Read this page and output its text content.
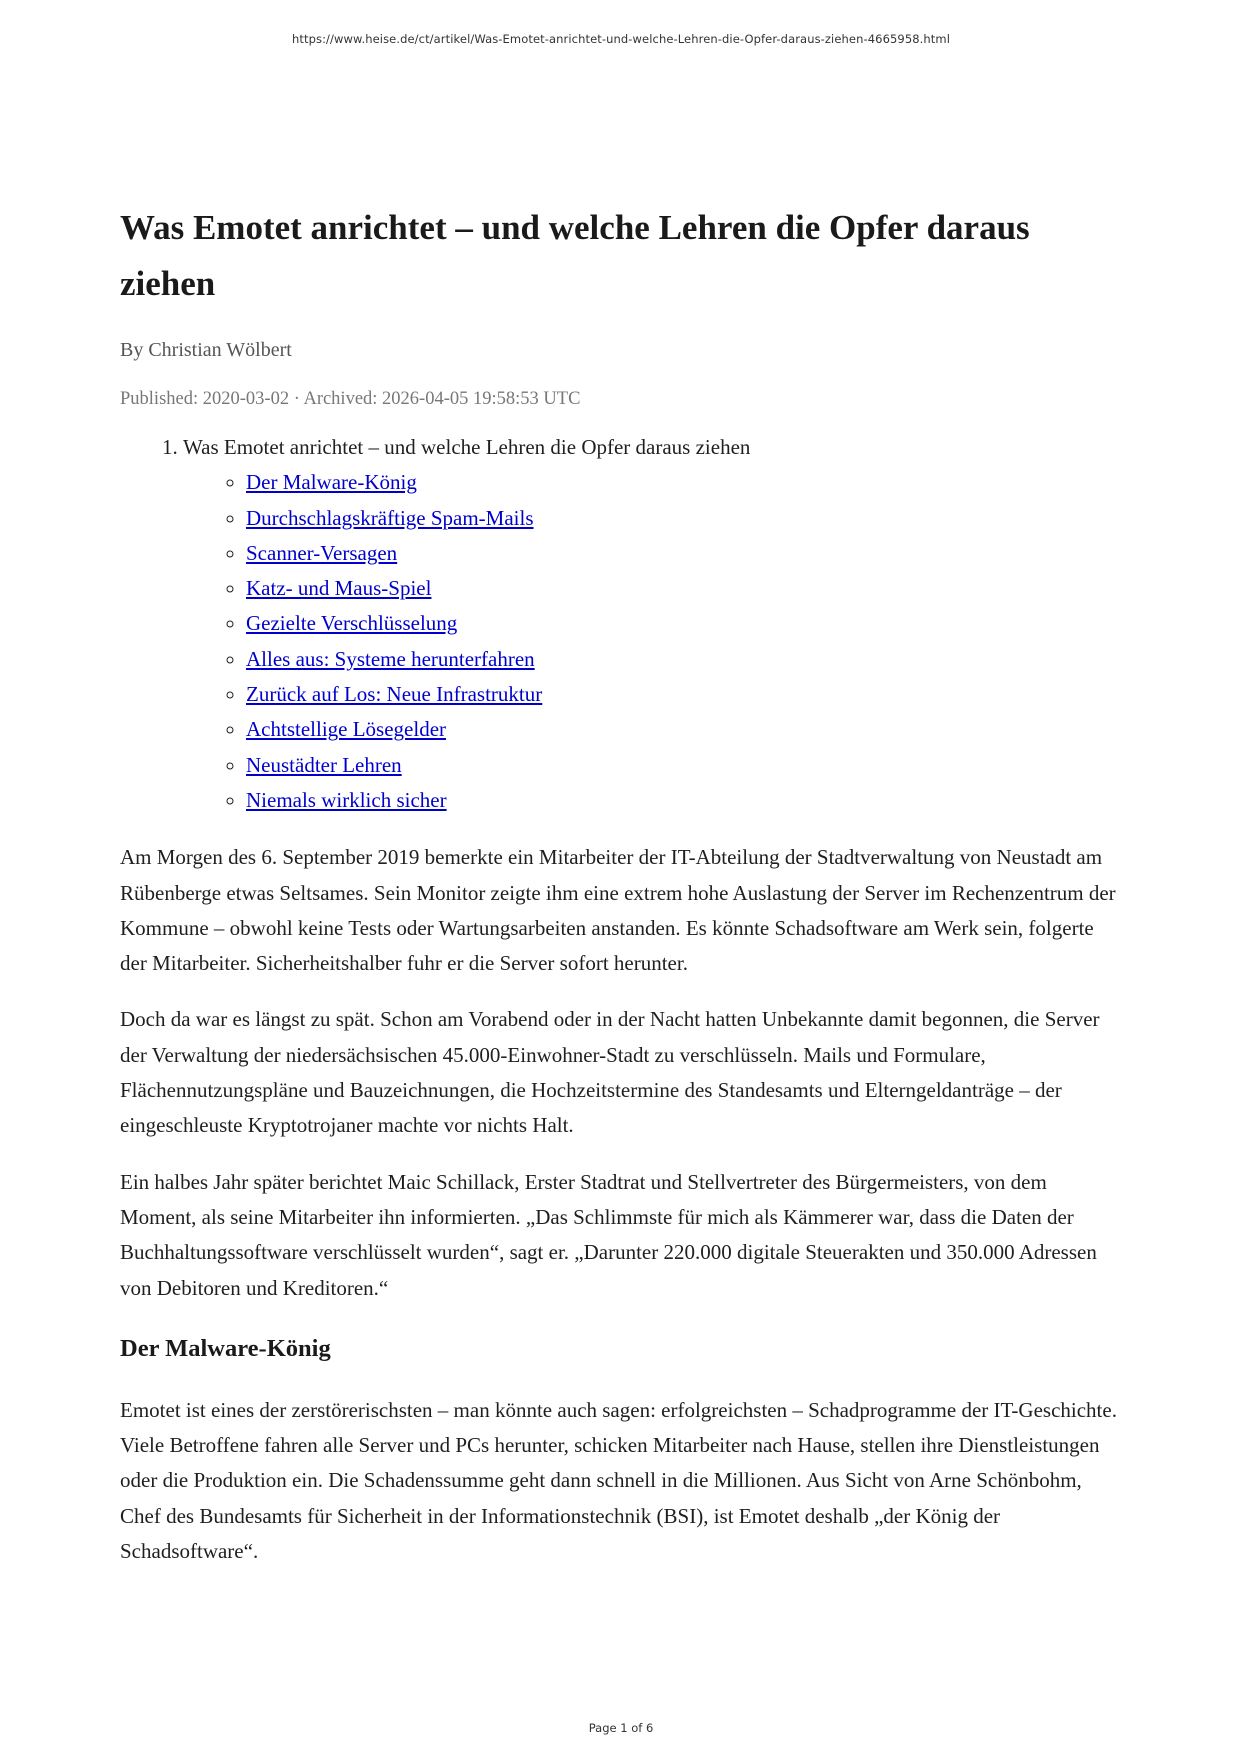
https://www.heise.de/ct/artikel/Was-Emotet-anrichtet-und-welche-Lehren-die-Opfer-daraus-ziehen-4665958.html
Was Emotet anrichtet – und welche Lehren die Opfer daraus ziehen
By Christian Wölbert
Published: 2020-03-02 · Archived: 2026-04-05 19:58:53 UTC
1. Was Emotet anrichtet – und welche Lehren die Opfer daraus ziehen
◦ Der Malware-König
◦ Durchschlagskräftige Spam-Mails
◦ Scanner-Versagen
◦ Katz- und Maus-Spiel
◦ Gezielte Verschlüsselung
◦ Alles aus: Systeme herunterfahren
◦ Zurück auf Los: Neue Infrastruktur
◦ Achtstellige Lösegelder
◦ Neustädter Lehren
◦ Niemals wirklich sicher

Am Morgen des 6. September 2019 bemerkte ein Mitarbeiter der IT-Abteilung der Stadtverwaltung von Neustadt am Rübenberge etwas Seltsames. Sein Monitor zeigte ihm eine extrem hohe Auslastung der Server im Rechenzentrum der Kommune – obwohl keine Tests oder Wartungsarbeiten anstanden. Es könnte Schadsoftware am Werk sein, folgerte der Mitarbeiter. Sicherheitshalber fuhr er die Server sofort herunter.

Doch da war es längst zu spät. Schon am Vorabend oder in der Nacht hatten Unbekannte damit begonnen, die Server der Verwaltung der niedersächsischen 45.000-Einwohner-Stadt zu verschlüsseln. Mails und Formulare, Flächennutzungspläne und Bauzeichnungen, die Hochzeitstermine des Standesamts und Elterngeldanträge – der eingeschleuste Kryptotrojaner machte vor nichts Halt.

Ein halbes Jahr später berichtet Maic Schillack, Erster Stadtrat und Stellvertreter des Bürgermeisters, von dem Moment, als seine Mitarbeiter ihn informierten. „Das Schlimmste für mich als Kämmerer war, dass die Daten der Buchhaltungssoftware verschlüsselt wurden“, sagt er. „Darunter 220.000 digitale Steuerakten und 350.000 Adressen von Debitoren und Kreditoren.“

Der Malware-König

Emotet ist eines der zerstörerischsten – man könnte auch sagen: erfolgreichsten – Schadprogramme der IT-Geschichte. Viele Betroffene fahren alle Server und PCs herunter, schicken Mitarbeiter nach Hause, stellen ihre Dienstleistungen oder die Produktion ein. Die Schadenssumme geht dann schnell in die Millionen. Aus Sicht von Arne Schönbohm, Chef des Bundesamts für Sicherheit in der Informationstechnik (BSI), ist Emotet deshalb „der König der Schadsoftware“.

Page 1 of 6
